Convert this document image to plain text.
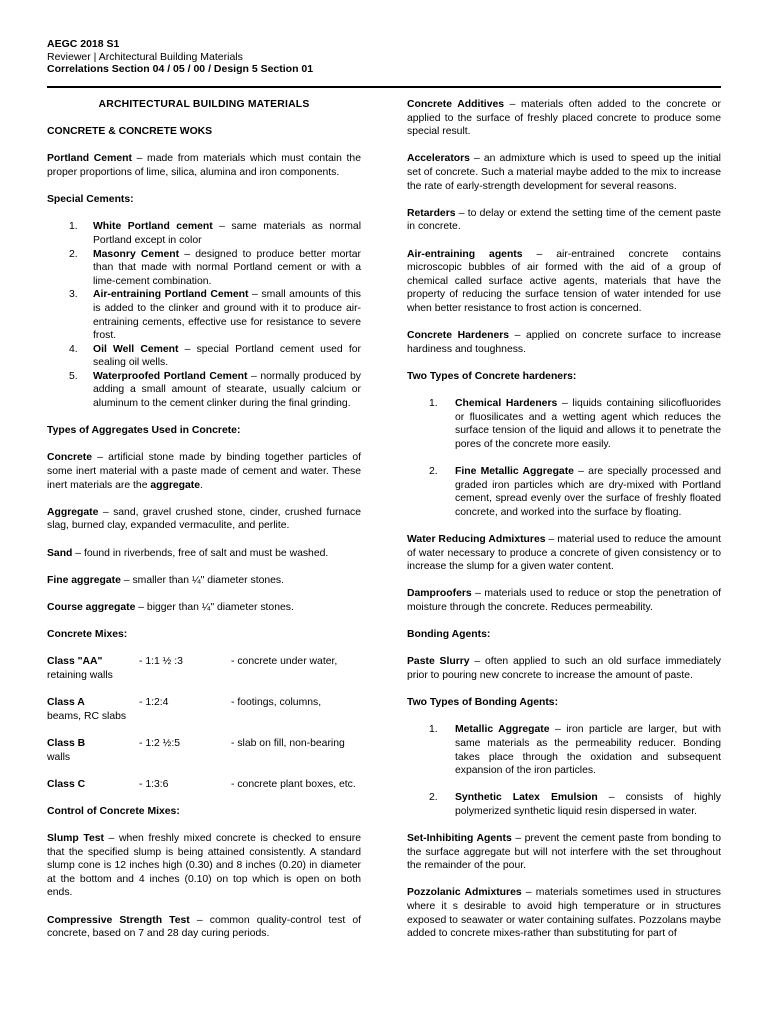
AEGC 2018 S1
Reviewer | Architectural Building Materials
Correlations Section 04 / 05 / 00 / Design 5 Section 01

ARCHITECTURAL BUILDING MATERIALS

CONCRETE & CONCRETE WOKS

Portland Cement – made from materials which must contain the proper proportions of lime, silica, alumina and iron components.

Special Cements:

1. White Portland cement – same materials as normal Portland except in color
2. Masonry Cement – designed to produce better mortar than that made with normal Portland cement or with a lime-cement combination.
3. Air-entraining Portland Cement – small amounts of this is added to the clinker and ground with it to produce air-entraining cements, effective use for resistance to severe frost.
4. Oil Well Cement – special Portland cement used for sealing oil wells.
5. Waterproofed Portland Cement – normally produced by adding a small amount of stearate, usually calcium or aluminum to the cement clinker during the final grinding.

Types of Aggregates Used in Concrete:

Concrete – artificial stone made by binding together particles of some inert material with a paste made of cement and water. These inert materials are the aggregate.

Aggregate – sand, gravel crushed stone, cinder, crushed furnace slag, burned clay, expanded vermaculite, and perlite.

Sand – found in riverbends, free of salt and must be washed.

Fine aggregate – smaller than ¼" diameter stones.

Course aggregate – bigger than ¼" diameter stones.

Concrete Mixes:

Class "AA"	- 1:1 ½ :3	- concrete under water,
retaining walls
Class A	- 1:2:4	- footings, columns,
beams, RC slabs
Class B	- 1:2 ½:5	- slab on fill, non-bearing
walls
Class C	- 1:3:6	- concrete plant boxes, etc.

Control of Concrete Mixes:

Slump Test – when freshly mixed concrete is checked to ensure that the specified slump is being attained consistently. A standard slump cone is 12 inches high (0.30) and 8 inches (0.20) in diameter at the bottom and 4 inches (0.10) on top which is open on both ends.

Compressive Strength Test – common quality-control test of concrete, based on 7 and 28 day curing periods.

Concrete Additives – materials often added to the concrete or applied to the surface of freshly placed concrete to produce some special result.

Accelerators – an admixture which is used to speed up the initial set of concrete. Such a material maybe added to the mix to increase the rate of early-strength development for several reasons.

Retarders – to delay or extend the setting time of the cement paste in concrete.

Air-entraining agents – air-entrained concrete contains microscopic bubbles of air formed with the aid of a group of chemical called surface active agents, materials that have the property of reducing the surface tension of water intended for use when better resistance to frost action is concerned.

Concrete Hardeners – applied on concrete surface to increase hardiness and toughness.

Two Types of Concrete hardeners:

1. Chemical Hardeners – liquids containing silicofluorides or fluosilicates and a wetting agent which reduces the surface tension of the liquid and allows it to penetrate the pores of the concrete more easily.
2. Fine Metallic Aggregate – are specially processed and graded iron particles which are dry-mixed with Portland cement, spread evenly over the surface of freshly floated concrete, and worked into the surface by floating.

Water Reducing Admixtures – material used to reduce the amount of water necessary to produce a concrete of given consistency or to increase the slump for a given water content.

Damproofers – materials used to reduce or stop the penetration of moisture through the concrete. Reduces permeability.

Bonding Agents:

Paste Slurry – often applied to such an old surface immediately prior to pouring new concrete to increase the amount of paste.

Two Types of Bonding Agents:

1. Metallic Aggregate – iron particle are larger, but with same materials as the permeability reducer. Bonding takes place through the oxidation and subsequent expansion of the iron particles.
2. Synthetic Latex Emulsion – consists of highly polymerized synthetic liquid resin dispersed in water.

Set-Inhibiting Agents – prevent the cement paste from bonding to the surface aggregate but will not interfere with the set throughout the remainder of the pour.

Pozzolanic Admixtures – materials sometimes used in structures where it s desirable to avoid high temperature or in structures exposed to seawater or water containing sulfates. Pozzolans maybe added to concrete mixes-rather than substituting for part of
